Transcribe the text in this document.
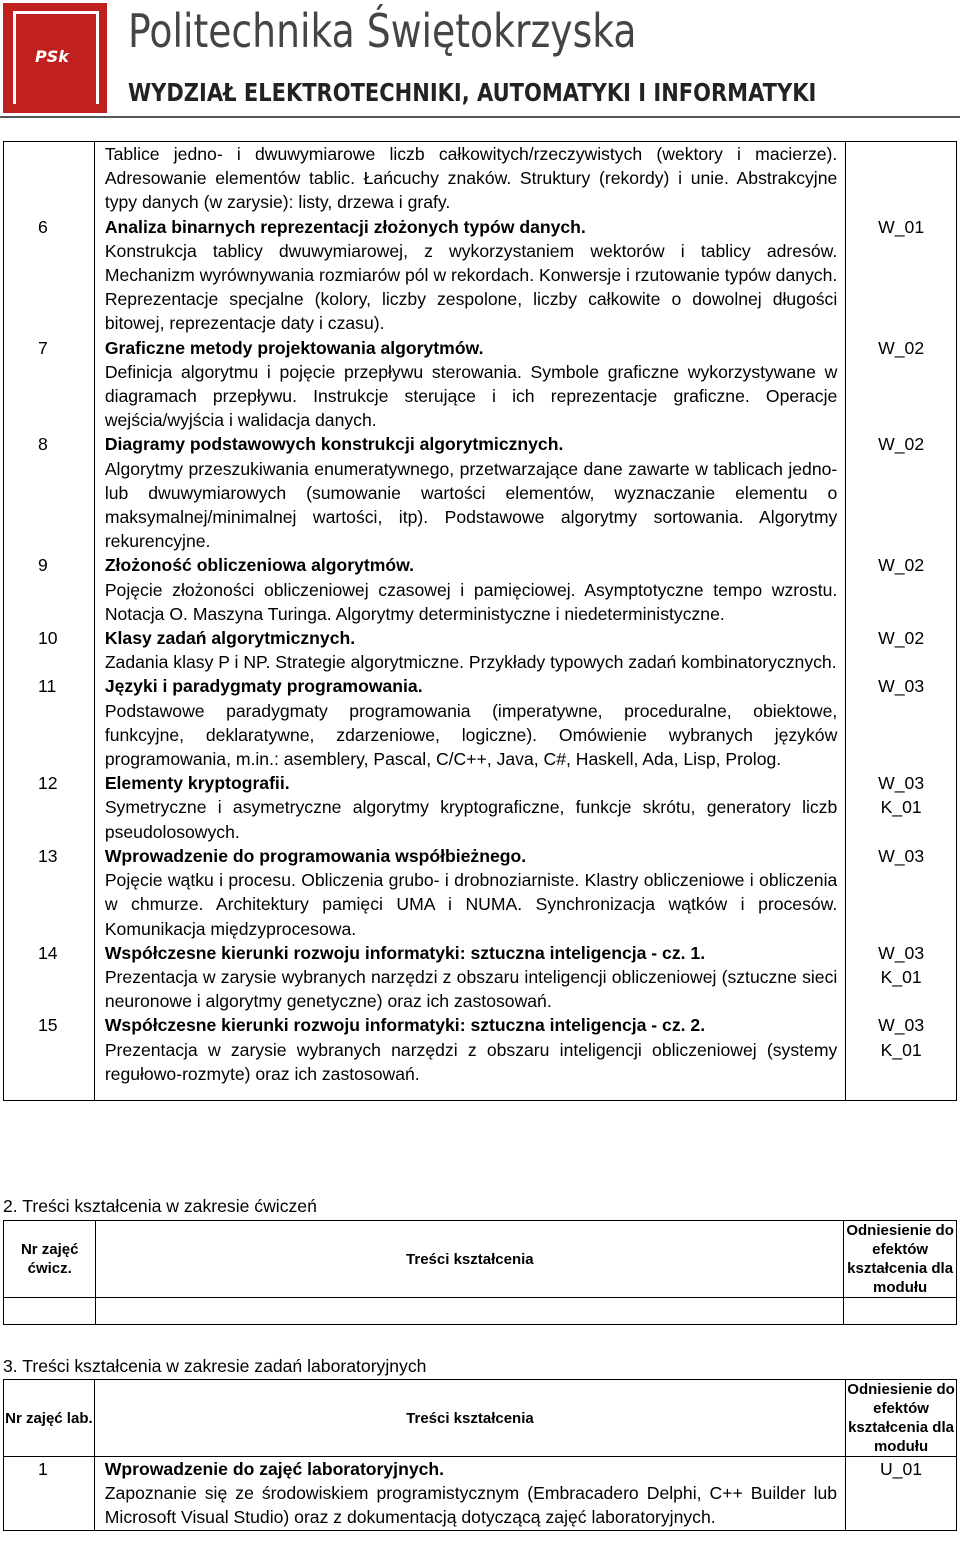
PSk Politechnika Świętokrzyska
WYDZIAŁ ELEKTROTECHNIKI, AUTOMATYKI I INFORMATYKI

	Tablice jedno- i dwuwymiarowe liczb całkowitych/rzeczywistych (wektory i macierze). Adresowanie elementów tablic. Łańcuchy znaków. Struktury (rekordy) i unie. Abstrakcyjne typy danych (w zarysie): listy, drzewa i grafy.	

6	Analiza binarnych reprezentacji złożonych typów danych.
Konstrukcja tablicy dwuwymiarowej, z wykorzystaniem wektorów i tablicy adresów. Mechanizm wyrównywania rozmiarów pól w rekordach. Konwersje i rzutowanie typów danych. Reprezentacje specjalne (kolory, liczby zespolone, liczby całkowite o dowolnej długości bitowej, reprezentacje daty i czasu).	W_01

7	Graficzne metody projektowania algorytmów.
Definicja algorytmu i pojęcie przepływu sterowania. Symbole graficzne wykorzystywane w diagramach przepływu. Instrukcje sterujące i ich reprezentacje graficzne. Operacje wejścia/wyjścia i walidacja danych.	W_02

8	Diagramy podstawowych konstrukcji algorytmicznych.
Algorytmy przeszukiwania enumeratywnego, przetwarzające dane zawarte w tablicach jedno- lub dwuwymiarowych (sumowanie wartości elementów, wyznaczanie elementu o maksymalnej/minimalnej wartości, itp). Podstawowe algorytmy sortowania. Algorytmy rekurencyjne.	W_02

9	Złożoność obliczeniowa algorytmów.
Pojęcie złożoności obliczeniowej czasowej i pamięciowej. Asymptotyczne tempo wzrostu. Notacja O. Maszyna Turinga. Algorytmy deterministyczne i niedeterministyczne.	W_02

10	Klasy zadań algorytmicznych.
Zadania klasy P i NP. Strategie algorytmiczne. Przykłady typowych zadań kombinatorycznych.	W_02

11	Języki i paradygmaty programowania.
Podstawowe paradygmaty programowania (imperatywne, proceduralne, obiektowe, funkcyjne, deklaratywne, zdarzeniowe, logiczne). Omówienie wybranych języków programowania, m.in.: asemblery, Pascal, C/C++, Java, C#, Haskell, Ada, Lisp, Prolog.	W_03

12	Elementy kryptografii.
Symetryczne i asymetryczne algorytmy kryptograficzne, funkcje skrótu, generatory liczb pseudolosowych.	W_03
K_01

13	Wprowadzenie do programowania współbieżnego.
Pojęcie wątku i procesu. Obliczenia grubo- i drobnoziarniste. Klastry obliczeniowe i obliczenia w chmurze. Architektury pamięci UMA i NUMA. Synchronizacja wątków i procesów. Komunikacja międzyprocesowa.	W_03

14	Współczesne kierunki rozwoju informatyki: sztuczna inteligencja - cz. 1.
Prezentacja w zarysie wybranych narzędzi z obszaru inteligencji obliczeniowej (sztuczne sieci neuronowe i algorytmy genetyczne) oraz ich zastosowań.	W_03
K_01

15	Współczesne kierunki rozwoju informatyki: sztuczna inteligencja - cz. 2.
Prezentacja w zarysie wybranych narzędzi z obszaru inteligencji obliczeniowej (systemy regułowo-rozmyte) oraz ich zastosowań.	W_03
K_01
2. Treści kształcenia w zakresie ćwiczeń
Nr zajęć ćwicz.	Treści kształcenia	Odniesienie do efektów kształcenia dla modułu

3. Treści kształcenia w zakresie zadań laboratoryjnych
Nr zajęć lab.	Treści kształcenia	Odniesienie do efektów kształcenia dla modułu

1	Wprowadzenie do zajęć laboratoryjnych.
Zapoznanie się ze środowiskiem programistycznym (Embracadero Delphi, C++ Builder lub Microsoft Visual Studio) oraz z dokumentacją dotyczącą zajęć laboratoryjnych.	U_01
